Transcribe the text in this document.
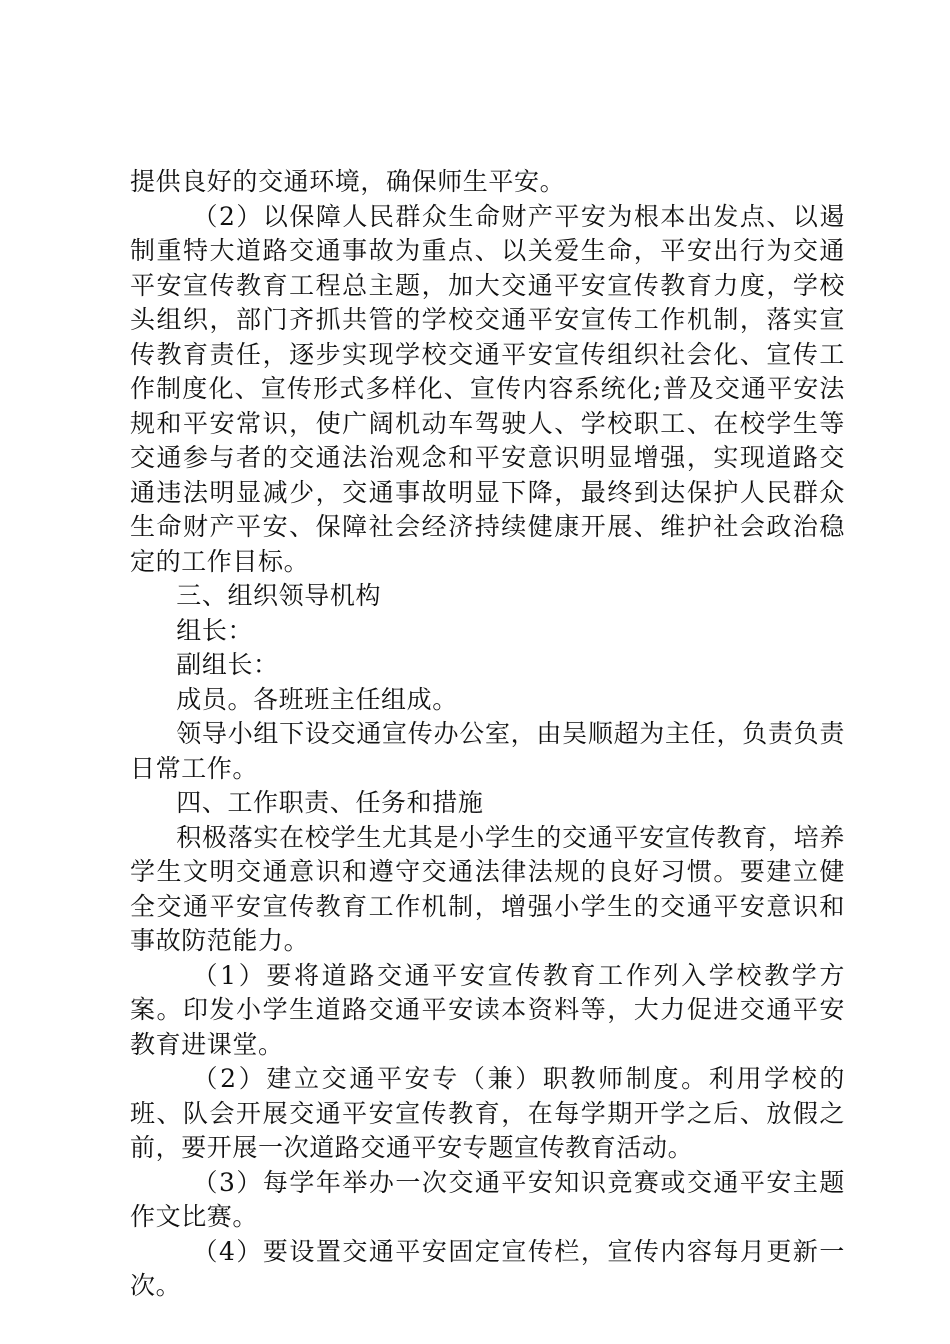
提供良好的交通环境，确保师生平安。

（2）以保障人民群众生命财产平安为根本出发点、以遏制重特大道路交通事故为重点、以关爱生命，平安出行为交通平安宣传教育工程总主题，加大交通平安宣传教育力度，学校头组织，部门齐抓共管的学校交通平安宣传工作机制，落实宣传教育责任，逐步实现学校交通平安宣传组织社会化、宣传工作制度化、宣传形式多样化、宣传内容系统化;普及交通平安法规和平安常识，使广阔机动车驾驶人、学校职工、在校学生等交通参与者的交通法治观念和平安意识明显增强，实现道路交通违法明显减少，交通事故明显下降，最终到达保护人民群众生命财产平安、保障社会经济持续健康开展、维护社会政治稳定的工作目标。

三、组织领导机构

组长：

副组长：

成员。各班班主任组成。

领导小组下设交通宣传办公室，由吴顺超为主任，负责负责日常工作。

四、工作职责、任务和措施

积极落实在校学生尤其是小学生的交通平安宣传教育，培养学生文明交通意识和遵守交通法律法规的良好习惯。要建立健全交通平安宣传教育工作机制，增强小学生的交通平安意识和事故防范能力。

（1）要将道路交通平安宣传教育工作列入学校教学方案。印发小学生道路交通平安读本资料等，大力促进交通平安教育进课堂。

（2）建立交通平安专（兼）职教师制度。利用学校的班、队会开展交通平安宣传教育，在每学期开学之后、放假之前，要开展一次道路交通平安专题宣传教育活动。

（3）每学年举办一次交通平安知识竞赛或交通平安主题作文比赛。

（4）要设置交通平安固定宣传栏，宣传内容每月更新一次。
